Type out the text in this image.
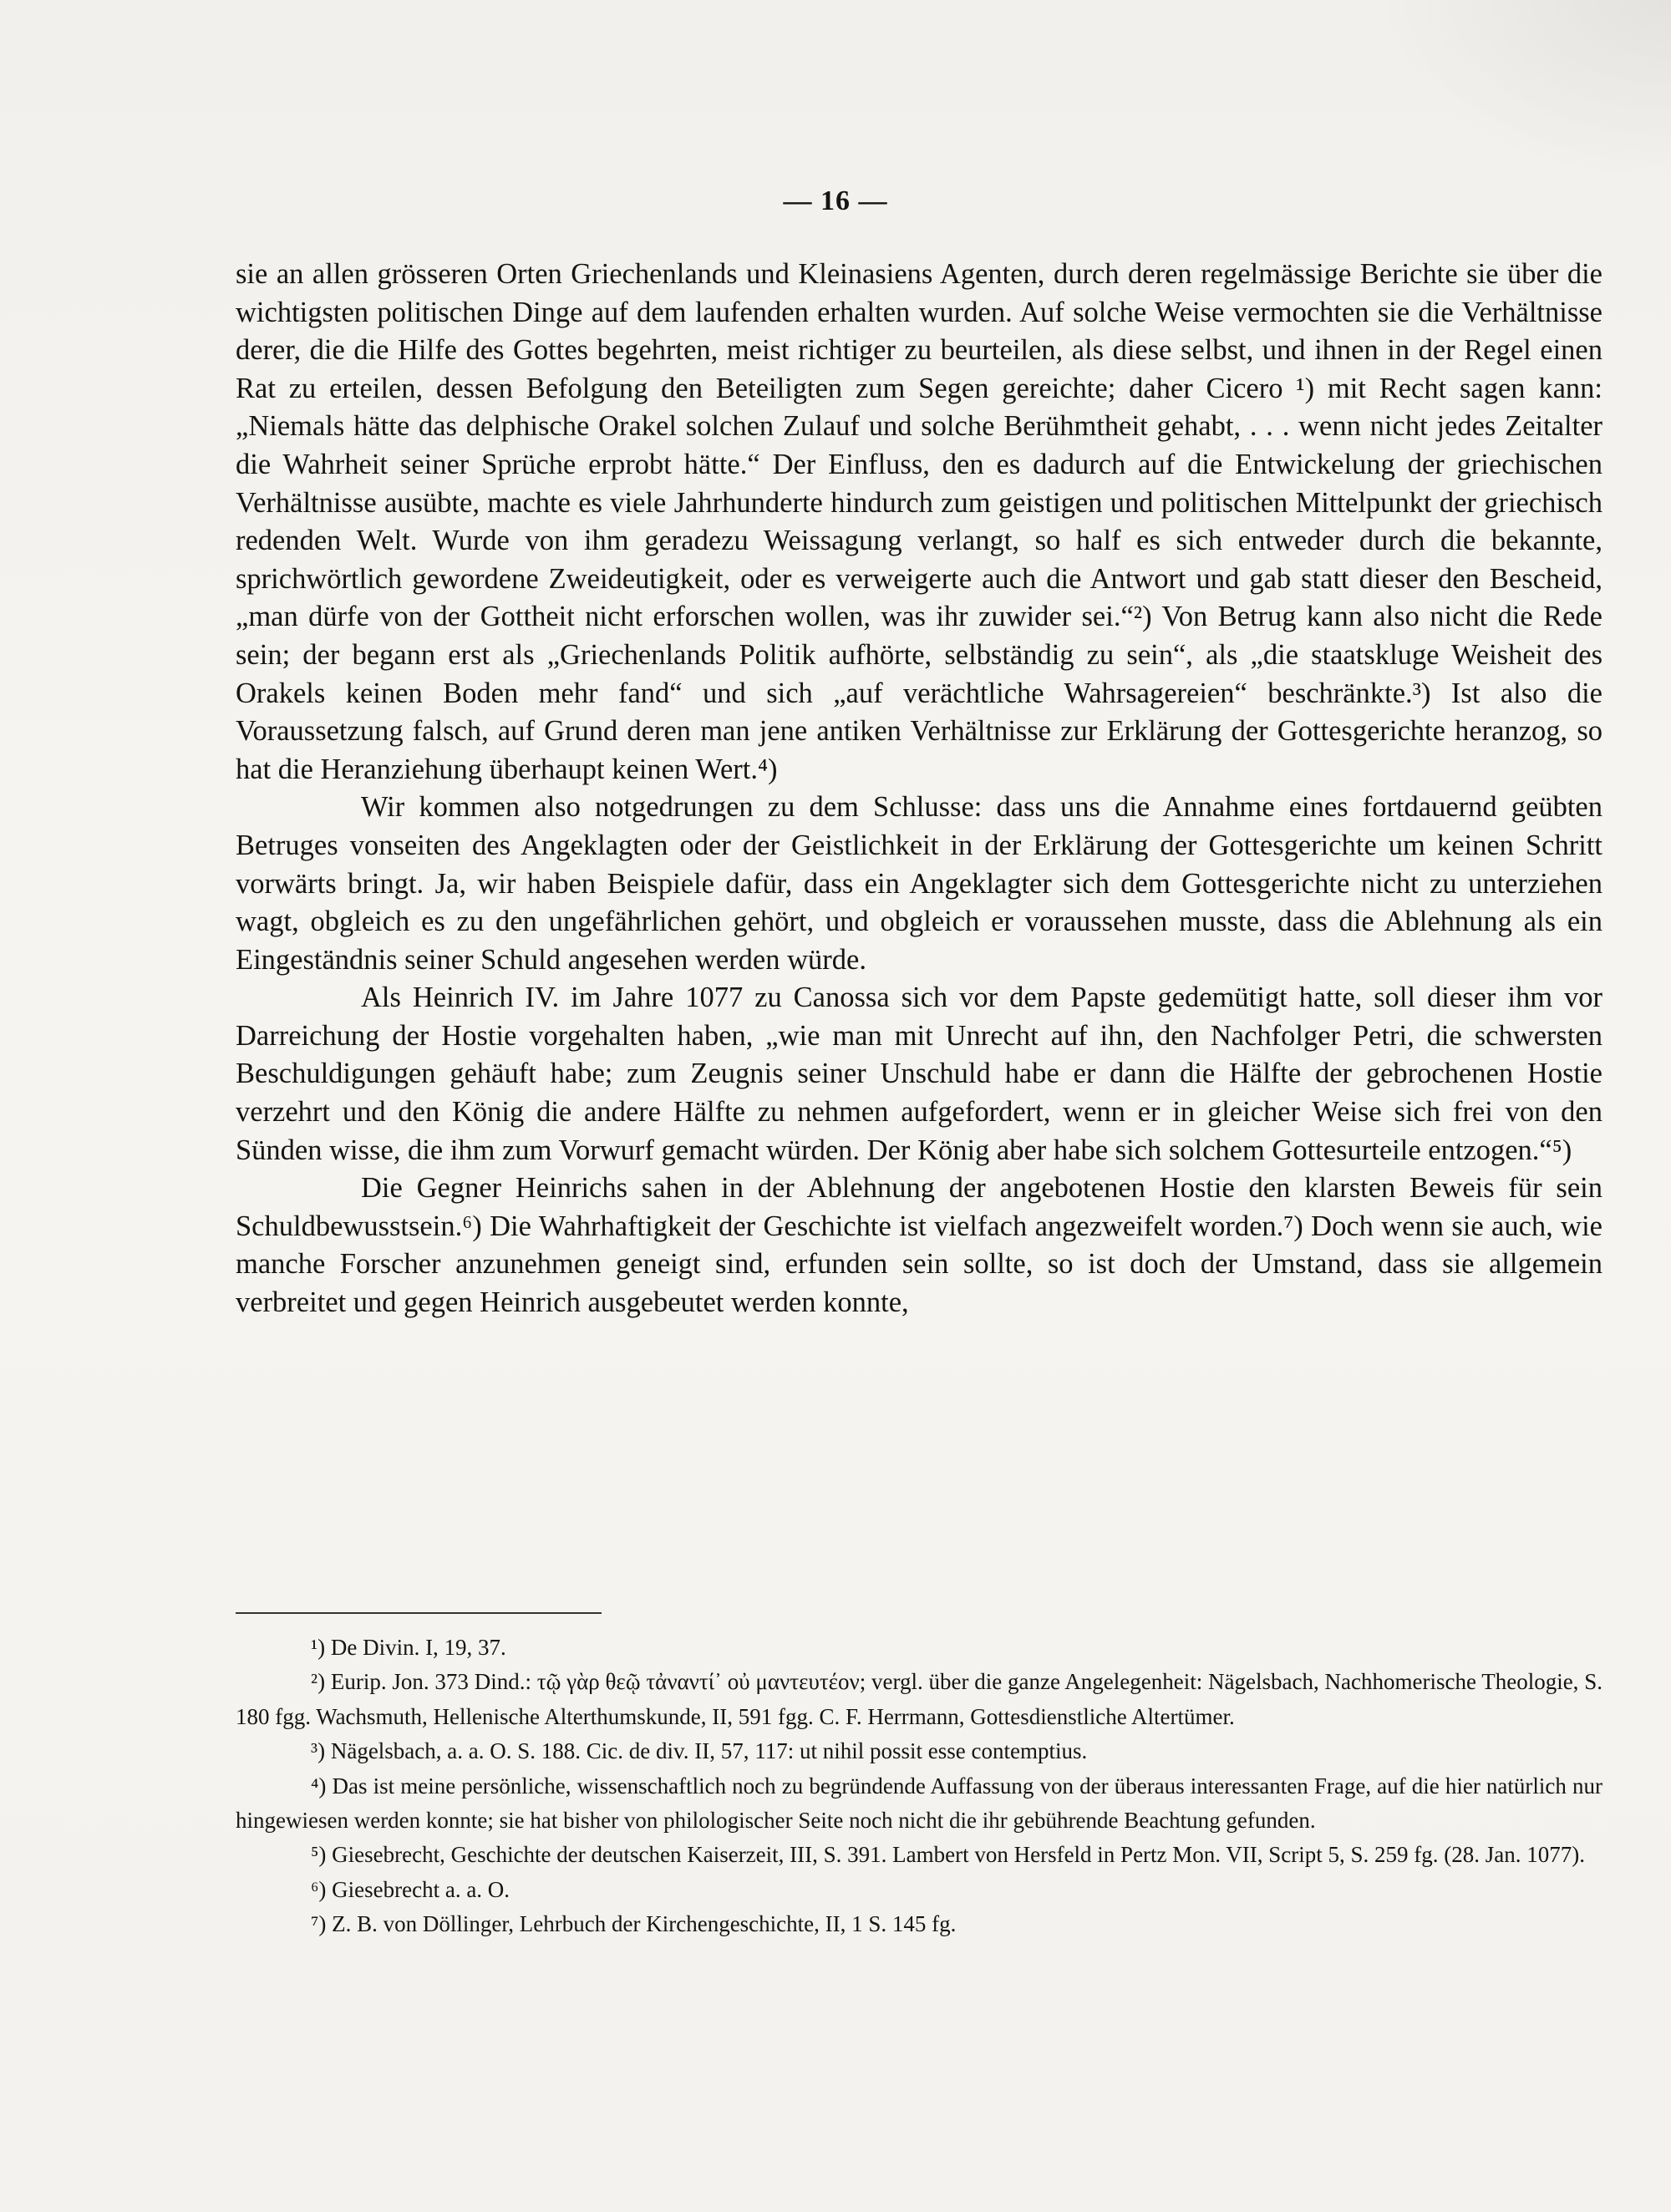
— 16 —

sie an allen grösseren Orten Griechenlands und Kleinasiens Agenten, durch deren regelmässige Berichte sie über die wichtigsten politischen Dinge auf dem laufenden erhalten wurden. Auf solche Weise vermochten sie die Verhältnisse derer, die die Hilfe des Gottes begehrten, meist richtiger zu beurteilen, als diese selbst, und ihnen in der Regel einen Rat zu erteilen, dessen Befolgung den Beteiligten zum Segen gereichte; daher Cicero ¹) mit Recht sagen kann: „Niemals hätte das delphische Orakel solchen Zulauf und solche Berühmtheit gehabt, . . . wenn nicht jedes Zeitalter die Wahrheit seiner Sprüche erprobt hätte.“ Der Einfluss, den es dadurch auf die Entwickelung der griechischen Verhältnisse ausübte, machte es viele Jahrhunderte hindurch zum geistigen und politischen Mittelpunkt der griechisch redenden Welt. Wurde von ihm geradezu Weissagung verlangt, so half es sich entweder durch die bekannte, sprichwörtlich gewordene Zweideutigkeit, oder es verweigerte auch die Antwort und gab statt dieser den Bescheid, „man dürfe von der Gottheit nicht erforschen wollen, was ihr zuwider sei.“²) Von Betrug kann also nicht die Rede sein; der begann erst als „Griechenlands Politik aufhörte, selbständig zu sein“, als „die staatskluge Weisheit des Orakels keinen Boden mehr fand“ und sich „auf verächtliche Wahrsagereien“ beschränkte.³) Ist also die Voraussetzung falsch, auf Grund deren man jene antiken Verhältnisse zur Erklärung der Gottesgerichte heranzog, so hat die Heranziehung überhaupt keinen Wert.⁴)

Wir kommen also notgedrungen zu dem Schlusse: dass uns die Annahme eines fortdauernd geübten Betruges vonseiten des Angeklagten oder der Geistlichkeit in der Erklärung der Gottesgerichte um keinen Schritt vorwärts bringt. Ja, wir haben Beispiele dafür, dass ein Angeklagter sich dem Gottesgerichte nicht zu unterziehen wagt, obgleich es zu den ungefährlichen gehört, und obgleich er voraussehen musste, dass die Ablehnung als ein Eingeständnis seiner Schuld angesehen werden würde.

Als Heinrich IV. im Jahre 1077 zu Canossa sich vor dem Papste gedemütigt hatte, soll dieser ihm vor Darreichung der Hostie vorgehalten haben, „wie man mit Unrecht auf ihn, den Nachfolger Petri, die schwersten Beschuldigungen gehäuft habe; zum Zeugnis seiner Unschuld habe er dann die Hälfte der gebrochenen Hostie verzehrt und den König die andere Hälfte zu nehmen aufgefordert, wenn er in gleicher Weise sich frei von den Sünden wisse, die ihm zum Vorwurf gemacht würden. Der König aber habe sich solchem Gottesurteile entzogen.“⁵)

Die Gegner Heinrichs sahen in der Ablehnung der angebotenen Hostie den klarsten Beweis für sein Schuldbewusstsein.⁶) Die Wahrhaftigkeit der Geschichte ist vielfach angezweifelt worden.⁷) Doch wenn sie auch, wie manche Forscher anzunehmen geneigt sind, erfunden sein sollte, so ist doch der Umstand, dass sie allgemein verbreitet und gegen Heinrich ausgebeutet werden konnte,

¹) De Divin. I, 19, 37.

²) Eurip. Jon. 373 Dind.: τῷ γὰρ θεῷ τἀναντί᾽ οὐ μαντευτέον; vergl. über die ganze Angelegenheit: Nägelsbach, Nachhomerische Theologie, S. 180 fgg. Wachsmuth, Hellenische Alterthumskunde, II, 591 fgg. C. F. Herrmann, Gottesdienstliche Altertümer.

³) Nägelsbach, a. a. O. S. 188. Cic. de div. II, 57, 117: ut nihil possit esse contemptius.

⁴) Das ist meine persönliche, wissenschaftlich noch zu begründende Auffassung von der überaus interessanten Frage, auf die hier natürlich nur hingewiesen werden konnte; sie hat bisher von philologischer Seite noch nicht die ihr gebührende Beachtung gefunden.

⁵) Giesebrecht, Geschichte der deutschen Kaiserzeit, III, S. 391. Lambert von Hersfeld in Pertz Mon. VII, Script 5, S. 259 fg. (28. Jan. 1077).

⁶) Giesebrecht a. a. O.

⁷) Z. B. von Döllinger, Lehrbuch der Kirchengeschichte, II, 1 S. 145 fg.
